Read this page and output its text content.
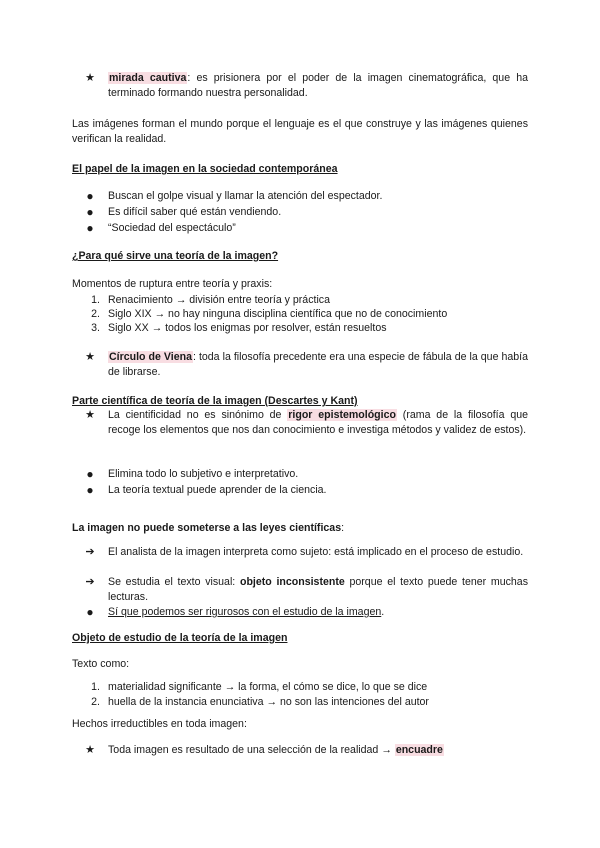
★	mirada cautiva: es prisionera por el poder de la imagen cinematográfica, que ha terminado formando nuestra personalidad.
Las imágenes forman el mundo porque el lenguaje es el que construye y las imágenes quienes verifican la realidad.
El papel de la imagen en la sociedad contemporánea
●	Buscan el golpe visual y llamar la atención del espectador.
●	Es difícil saber qué están vendiendo.
●	“Sociedad del espectáculo”
¿Para qué sirve una teoría de la imagen?
Momentos de ruptura entre teoría y praxis:
1. Renacimiento → división entre teoría y práctica
2. Siglo XIX → no hay ninguna disciplina científica que no de conocimiento
3. Siglo XX → todos los enigmas por resolver, están resueltos
★	Círculo de Viena: toda la filosofía precedente era una especie de fábula de la que había de librarse.
Parte científica de teoría de la imagen (Descartes y Kant)
★	La cientificidad no es sinónimo de rigor epistemológico (rama de la filosofía que recoge los elementos que nos dan conocimiento e investiga métodos y validez de estos).
●	Elimina todo lo subjetivo e interpretativo.
●	La teoría textual puede aprender de la ciencia.
La imagen no puede someterse a las leyes científicas:
➔	El analista de la imagen interpreta como sujeto: está implicado en el proceso de estudio.
➔	Se estudia el texto visual: objeto inconsistente porque el texto puede tener muchas lecturas.
●	Sí que podemos ser rigurosos con el estudio de la imagen.
Objeto de estudio de la teoría de la imagen
Texto como:
1. materialidad significante → la forma, el cómo se dice, lo que se dice
2. huella de la instancia enunciativa → no son las intenciones del autor
Hechos irreductibles en toda imagen:
★	Toda imagen es resultado de una selección de la realidad → encuadre
